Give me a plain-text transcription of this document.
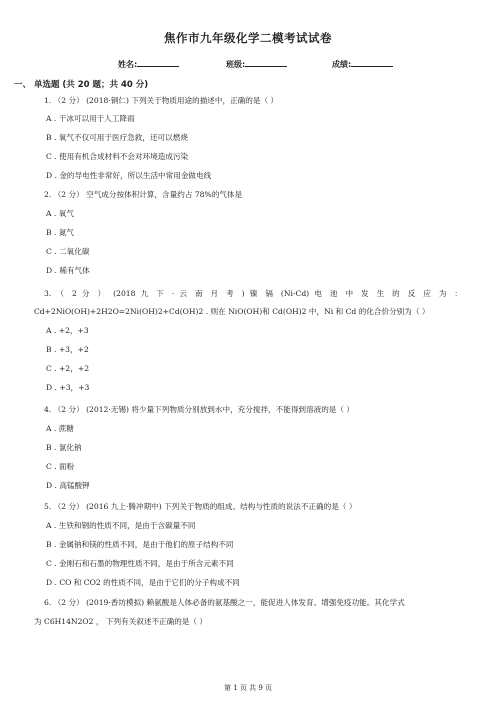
焦作市九年级化学二模考试试卷
姓名:	班级:	成绩:
一、 单选题 (共 20 题；共 40 分)
1. （2 分） (2018·铜仁) 下列关于物质用途的描述中，正确的是（ ）
A . 干冰可以用于人工降雨
B . 氧气不仅可用于医疗急救，还可以燃烧
C . 使用有机合成材料不会对环境造成污染
D . 金的导电性非常好，所以生活中常用金做电线
2. （2 分） 空气成分按体积计算，含量约占 78%的气体是
A . 氧气
B . 氮气
C . 二氧化碳
D . 稀有气体
3. （ 2 分 ） (2018 九 下 · 云 南 月 考 ) 镍 镉 (Ni-Cd) 电 池 中 发 生 的 反 应 为 ：
Cd+2NiO(OH)+2H2O=2Ni(OH)2+Cd(OH)2 . 则在 NiO(OH)和 Cd(OH)2 中，Ni 和 Cd 的化合价分别为（ ）
A . +2，+3
B . +3，+2
C . +2，+2
D . +3，+3
4. （2 分） (2012·无锡) 将少量下列物质分别放到水中，充分搅拌，不能得到溶液的是（ ）
A . 蔗糖
B . 氯化钠
C . 面粉
D . 高锰酸钾
5. （2 分） (2016 九上·腾冲期中) 下列关于物质的组成、结构与性质的说法不正确的是（ ）
A . 生铁和钢的性质不同，是由于含碳量不同
B . 金属钠和镁的性质不同，是由于他们的原子结构不同
C . 金刚石和石墨的物理性质不同，是由于所含元素不同
D . CO 和 CO2 的性质不同，是由于它们的分子构成不同
6. （2 分） (2019·香坊模拟) 赖氨酸是人体必备的氨基酸之一，能促进人体发育、增强免疫功能。其化学式
为 C6H14N2O2 ， 下列有关叙述不正确的是（ ）
第 1 页 共 9 页
